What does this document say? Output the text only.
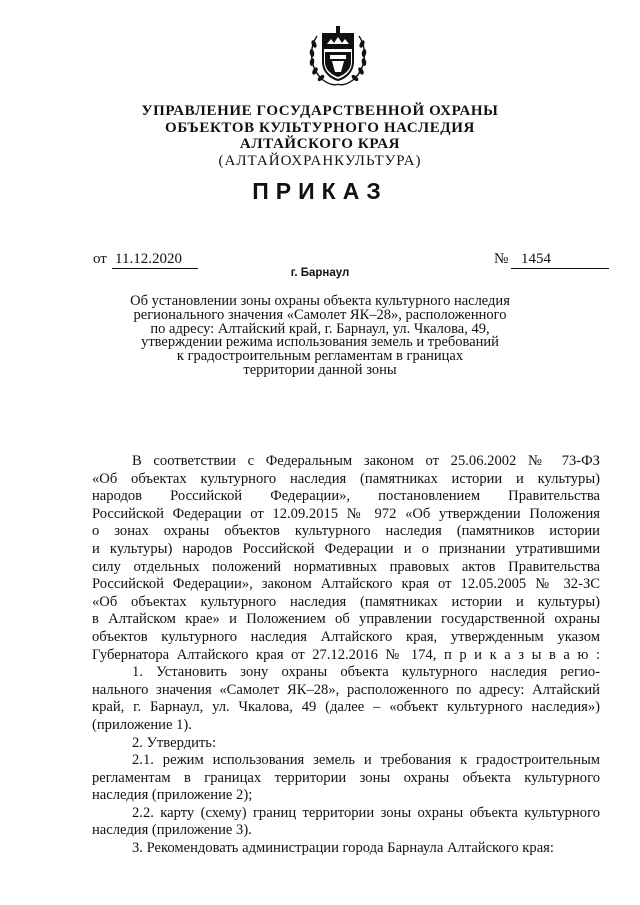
УПРАВЛЕНИЕ ГОСУДАРСТВЕННОЙ ОХРАНЫ
ОБЪЕКТОВ КУЛЬТУРНОГО НАСЛЕДИЯ
АЛТАЙСКОГО КРАЯ
(АЛТАЙОХРАНКУЛЬТУРА)
ПРИКАЗ
от 11.12.2020	№ 1454
г. Барнаул
Об установлении зоны охраны объекта культурного наследия
регионального значения «Самолет ЯК–28», расположенного
по адресу: Алтайский край, г. Барнаул, ул. Чкалова, 49,
утверждении режима использования земель и требований
к градостроительным регламентам в границах
территории данной зоны
В соответствии с Федеральным законом от 25.06.2002 № 73-ФЗ
«Об объектах культурного наследия (памятниках истории и культуры)
народов Российской Федерации», постановлением Правительства
Российской Федерации от 12.09.2015 № 972 «Об утверждении Положения
о зонах охраны объектов культурного наследия (памятников истории
и культуры) народов Российской Федерации и о признании утратившими
силу отдельных положений нормативных правовых актов Правительства
Российской Федерации», законом Алтайского края от 12.05.2005 № 32-ЗС
«Об объектах культурного наследия (памятниках истории и культуры)
в Алтайском крае» и Положением об управлении государственной охраны
объектов культурного наследия Алтайского края, утвержденным указом
Губернатора Алтайского края от 27.12.2016 № 174, п р и к а з ы в а ю :
1. Установить зону охраны объекта культурного наследия регио-
нального значения «Самолет ЯК–28», расположенного по адресу: Алтайский
край, г. Барнаул, ул. Чкалова, 49 (далее – «объект культурного наследия»)
(приложение 1).
2. Утвердить:
2.1. режим использования земель и требования к градостроительным
регламентам в границах территории зоны охраны объекта культурного
наследия (приложение 2);
2.2. карту (схему) границ территории зоны охраны объекта культурного
наследия (приложение 3).
3. Рекомендовать администрации города Барнаула Алтайского края:
